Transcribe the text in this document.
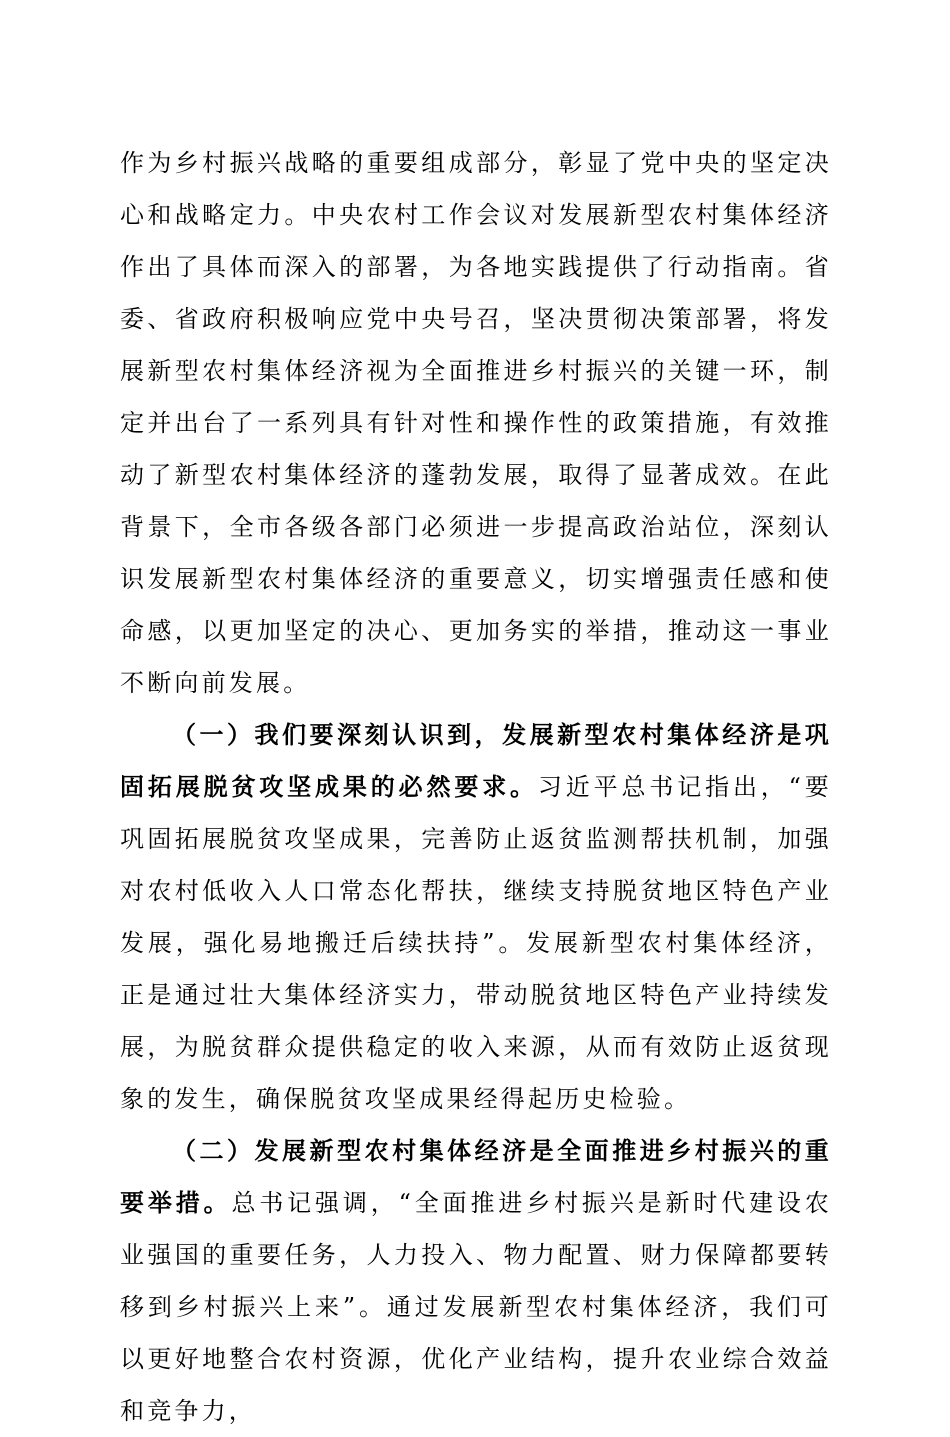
作为乡村振兴战略的重要组成部分，彰显了党中央的坚定决心和战略定力。中央农村工作会议对发展新型农村集体经济作出了具体而深入的部署，为各地实践提供了行动指南。省委、省政府积极响应党中央号召，坚决贯彻决策部署，将发展新型农村集体经济视为全面推进乡村振兴的关键一环，制定并出台了一系列具有针对性和操作性的政策措施，有效推动了新型农村集体经济的蓬勃发展，取得了显著成效。在此背景下，全市各级各部门必须进一步提高政治站位，深刻认识发展新型农村集体经济的重要意义，切实增强责任感和使命感，以更加坚定的决心、更加务实的举措，推动这一事业不断向前发展。

（一）我们要深刻认识到，发展新型农村集体经济是巩固拓展脱贫攻坚成果的必然要求。习近平总书记指出，“要巩固拓展脱贫攻坚成果，完善防止返贫监测帮扶机制，加强对农村低收入人口常态化帮扶，继续支持脱贫地区特色产业发展，强化易地搬迁后续扶持”。发展新型农村集体经济，正是通过壮大集体经济实力，带动脱贫地区特色产业持续发展，为脱贫群众提供稳定的收入来源，从而有效防止返贫现象的发生，确保脱贫攻坚成果经得起历史检验。

（二）发展新型农村集体经济是全面推进乡村振兴的重要举措。总书记强调，“全面推进乡村振兴是新时代建设农业强国的重要任务，人力投入、物力配置、财力保障都要转移到乡村振兴上来”。通过发展新型农村集体经济，我们可以更好地整合农村资源，优化产业结构，提升农业综合效益和竞争力，
